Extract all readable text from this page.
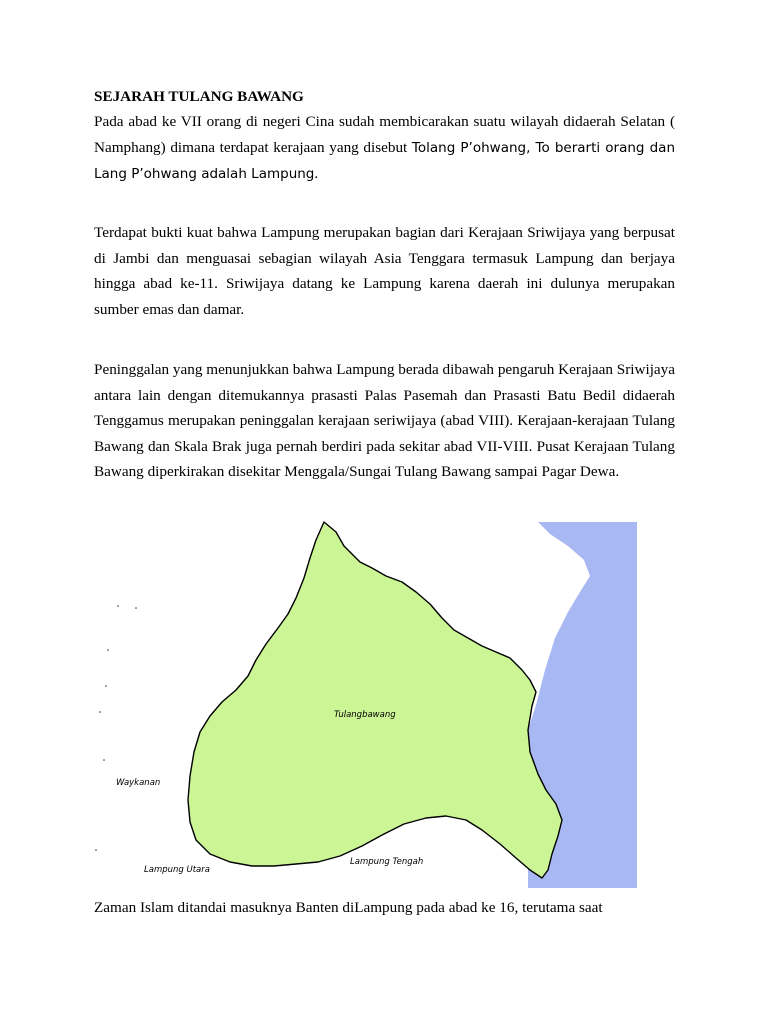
SEJARAH TULANG BAWANG
Pada abad ke VII orang di negeri Cina sudah membicarakan suatu wilayah didaerah Selatan ( Namphang) dimana terdapat kerajaan yang disebut Tolang P’ohwang, To berarti orang dan Lang P’ohwang adalah Lampung.
Terdapat bukti kuat bahwa Lampung merupakan bagian dari Kerajaan Sriwijaya yang berpusat di Jambi dan menguasai sebagian wilayah Asia Tenggara termasuk Lampung dan berjaya hingga abad ke-11. Sriwijaya datang ke Lampung karena daerah ini dulunya merupakan sumber emas dan damar.
Peninggalan yang menunjukkan bahwa Lampung berada dibawah pengaruh Kerajaan Sriwijaya antara lain dengan ditemukannya prasasti Palas Pasemah dan Prasasti Batu Bedil didaerah Tenggamus merupakan peninggalan kerajaan seriwijaya (abad VIII). Kerajaan-kerajaan Tulang Bawang dan Skala Brak juga pernah berdiri pada sekitar abad VII-VIII. Pusat Kerajaan Tulang Bawang diperkirakan disekitar Menggala/Sungai Tulang Bawang sampai Pagar Dewa.
Tulangbawang
Waykanan
Lampung Utara
Lampung Tengah
Zaman Islam ditandai masuknya Banten diLampung pada abad ke 16, terutama saat
